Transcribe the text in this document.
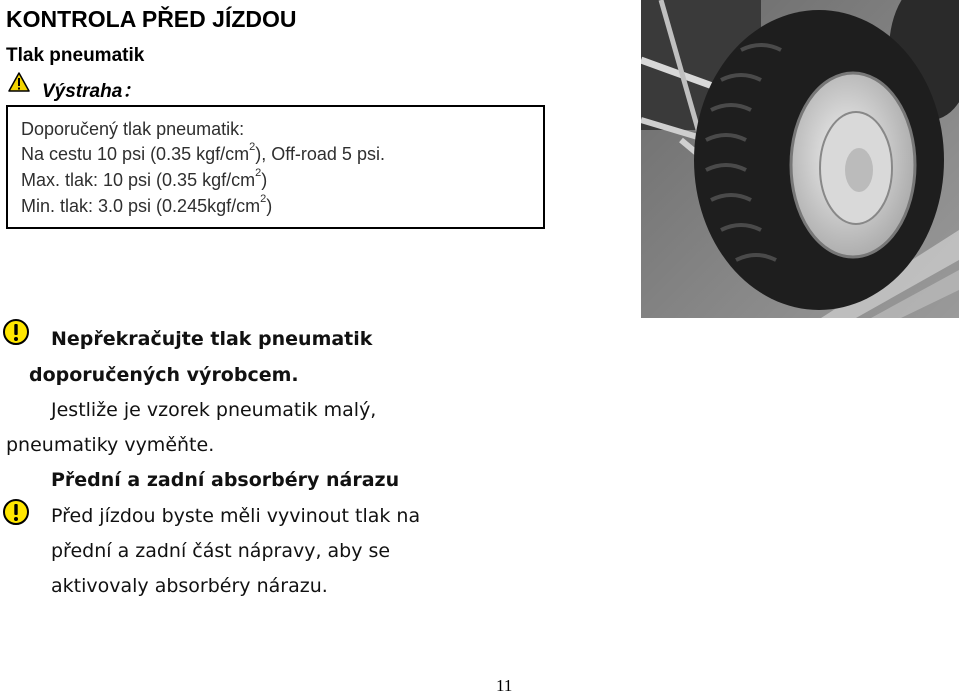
KONTROLA PŘED JÍZDOU
Tlak pneumatik
Výstraha：
Doporučený tlak pneumatik:
Na cestu 10 psi (0.35 kgf/$cm^2$), Off-road 5 psi.
Max. tlak: 10 psi (0.35 kgf/$cm^2$)
Min. tlak: 3.0 psi $(0.245kgf/cm^2)$
Nepřekračujte tlak pneumatik
doporučených výrobcem.
Jestliže je vzorek pneumatik malý,
pneumatiky vyměňte.
Přední a zadní absorbéry nárazu
Před jízdou byste měli vyvinout tlak na
přední a zadní část nápravy, aby se
aktivovaly absorbéry nárazu.
11
